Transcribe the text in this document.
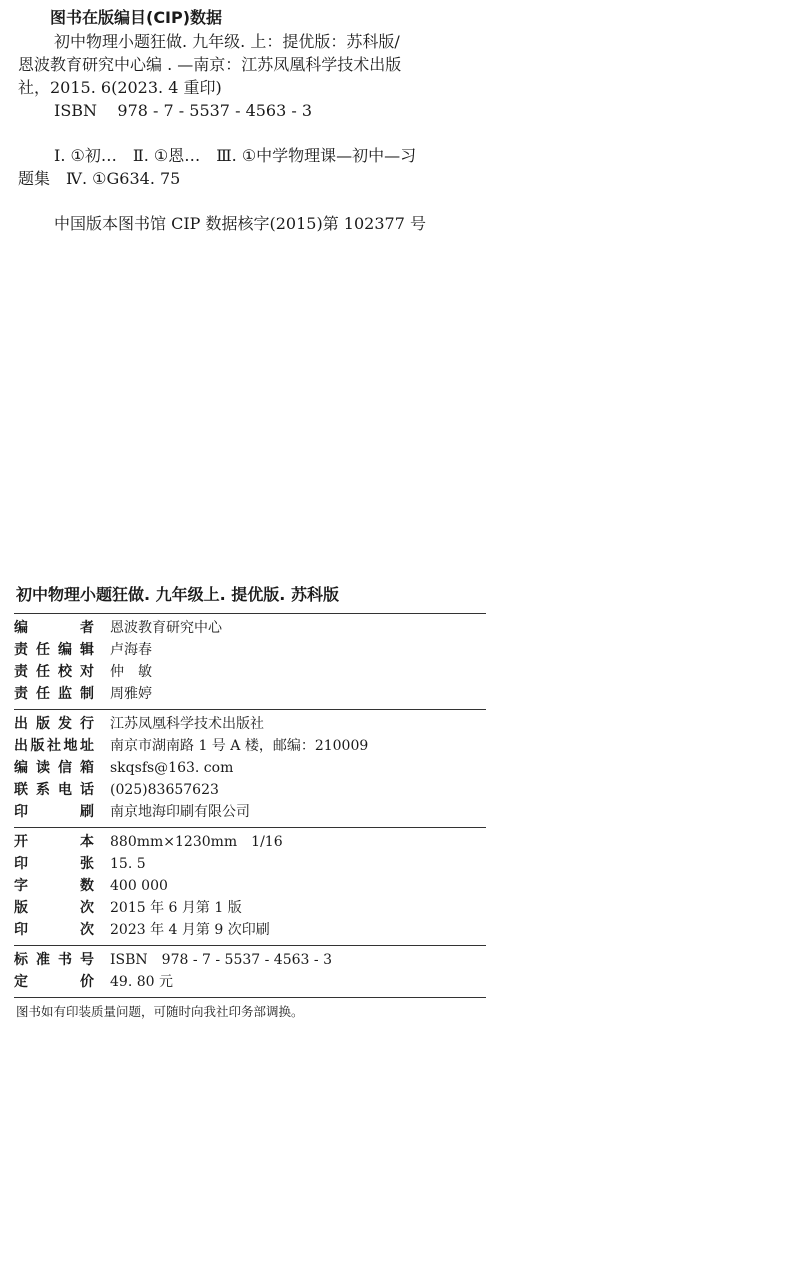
图书在版编目(CIP)数据

初中物理小题狂做. 九年级. 上：提优版：苏科版/

恩波教育研究中心编 . —南京：江苏凤凰科学技术出版

社，2015. 6(2023. 4 重印)

ISBN 978 - 7 - 5537 - 4563 - 3

Ⅰ. ①初…　Ⅱ. ①恩…　Ⅲ. ①中学物理课—初中—习

题集　Ⅳ. ①G634. 75

中国版本图书馆 CIP 数据核字(2015)第 102377 号

初中物理小题狂做. 九年级上. 提优版. 苏科版
编	者 恩波教育研究中心
责 任 编 辑 卢海春
责 任 校 对 仲　敏
责 任 监 制 周雅婷
出 版 发 行 江苏凤凰科学技术出版社
出 版 社 地 址 南京市湖南路 1 号 A 楼，邮编：210009
编 读 信 箱 skqsfs@163. com
联 系 电 话 (025)83657623
印	刷 南京地海印刷有限公司
开	本 880mm×1230mm　1/16
印	张 15. 5
字	数 400 000
版	次 2015 年 6 月第 1 版
印	次 2023 年 4 月第 9 次印刷
标 准 书 号 ISBN　978 - 7 - 5537 - 4563 - 3
定	价 49. 80 元
图书如有印装质量问题，可随时向我社印务部调换。
